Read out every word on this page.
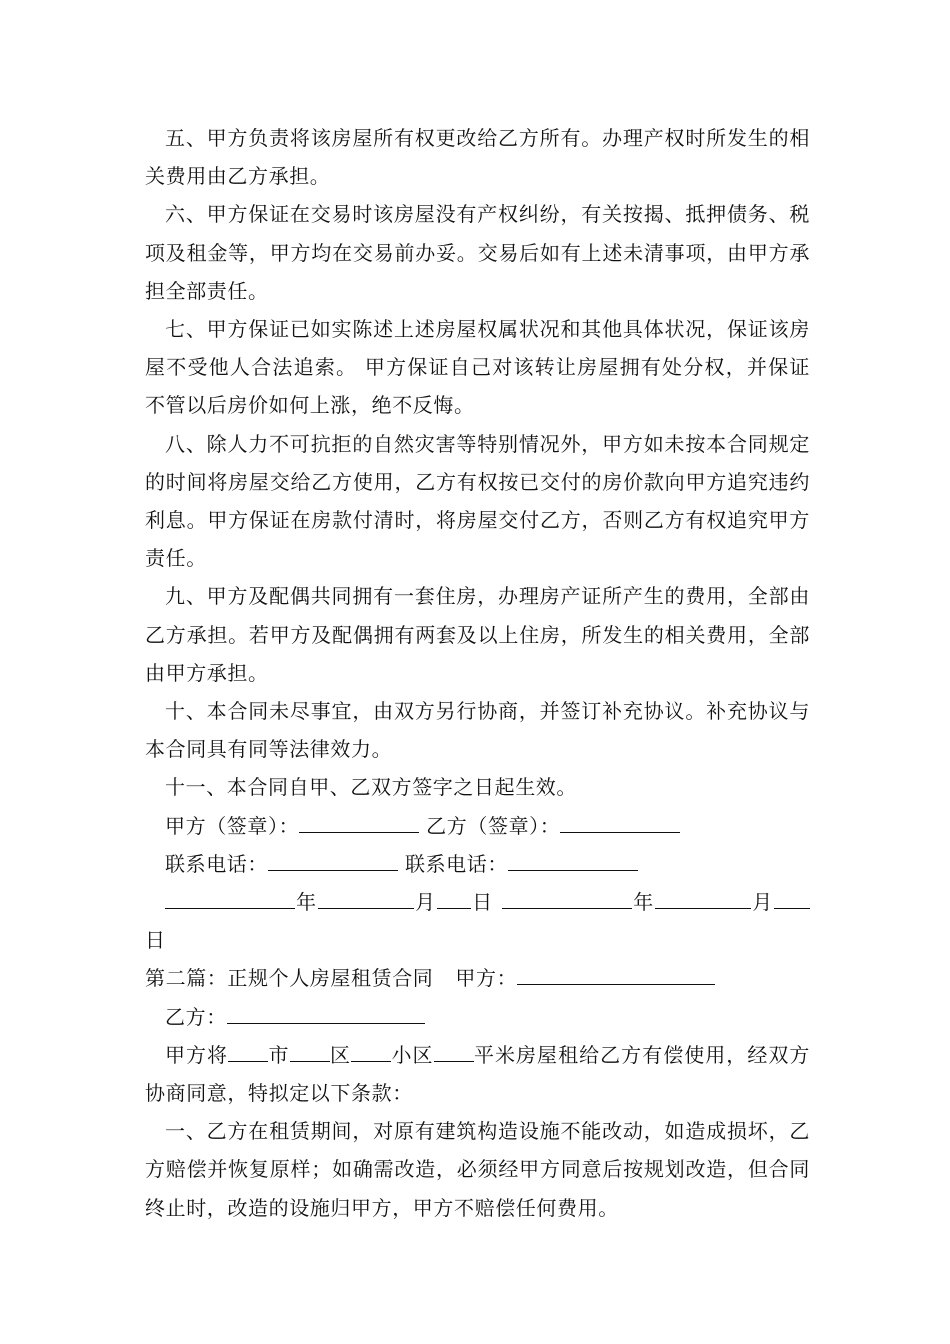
五、甲方负责将该房屋所有权更改给乙方所有。办理产权时所发生的相关费用由乙方承担。

六、甲方保证在交易时该房屋没有产权纠纷，有关按揭、抵押债务、税项及租金等，甲方均在交易前办妥。交易后如有上述未清事项，由甲方承担全部责任。

七、甲方保证已如实陈述上述房屋权属状况和其他具体状况，保证该房屋不受他人合法追索。 甲方保证自己对该转让房屋拥有处分权，并保证不管以后房价如何上涨，绝不反悔。

八、除人力不可抗拒的自然灾害等特别情况外，甲方如未按本合同规定的时间将房屋交给乙方使用，乙方有权按已交付的房价款向甲方追究违约利息。甲方保证在房款付清时，将房屋交付乙方，否则乙方有权追究甲方责任。

九、甲方及配偶共同拥有一套住房，办理房产证所产生的费用，全部由乙方承担。若甲方及配偶拥有两套及以上住房，所发生的相关费用，全部由甲方承担。

十、本合同未尽事宜，由双方另行协商，并签订补充协议。补充协议与本合同具有同等法律效力。

十一、本合同自甲、乙双方签字之日起生效。

甲方（签章）：	乙方（签章）：

联系电话：	联系电话：

年	月 日	年	月日

第二篇：正规个人房屋租赁合同 甲方：

乙方：

甲方将 市 区 小区 平米房屋租给乙方有偿使用，经双方协商同意，特拟定以下条款：

一、乙方在租赁期间，对原有建筑构造设施不能改动，如造成损坏，乙方赔偿并恢复原样；如确需改造，必须经甲方同意后按规划改造，但合同终止时，改造的设施归甲方，甲方不赔偿任何费用。
